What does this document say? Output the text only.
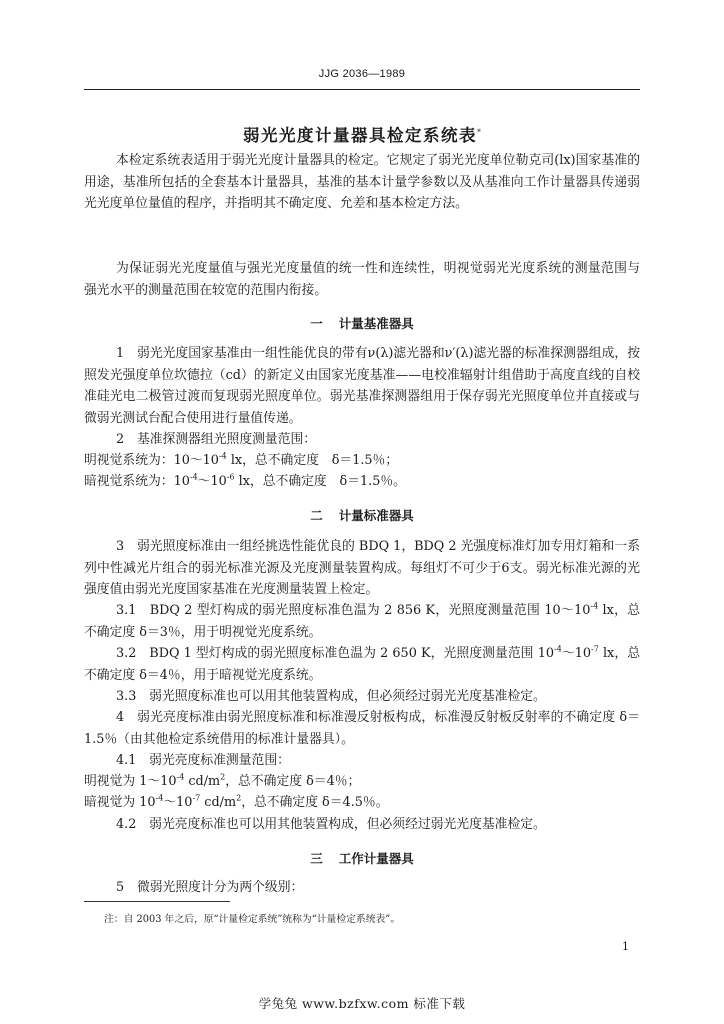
JJG 2036—1989
弱光光度计量器具检定系统表*

本检定系统表适用于弱光光度计量器具的检定。它规定了弱光光度单位勒克司(lx)国家基准的用途，基准所包括的全套基本计量器具，基准的基本计量学参数以及从基准向工作计量器具传递弱光光度单位量值的程序，并指明其不确定度、允差和基本检定方法。

为保证弱光光度量值与强光光度量值的统一性和连续性，明视觉弱光光度系统的测量范围与强光水平的测量范围在较宽的范围内衔接。

一 计量基准器具

1　弱光光度国家基准由一组性能优良的带有ν(λ)滤光器和ν′(λ)滤光器的标准探测器组成，按照发光强度单位坎德拉（cd）的新定义由国家光度基准——电校准辐射计组借助于高度直线的自校准硅光电二极管过渡而复现弱光照度单位。弱光基准探测器组用于保存弱光光照度单位并直接或与微弱光测试台配合使用进行量值传递。

2　基准探测器组光照度测量范围：

明视觉系统为：$10\sim 10^{-4}$ lx，总不确定度　δ＝1.5％；

暗视觉系统为：$10^{-4}\sim 10^{-6}$ lx，总不确定度　δ＝1.5％。

二 计量标准器具

3　弱光照度标准由一组经挑选性能优良的 BDQ 1，BDQ 2 光强度标准灯加专用灯箱和一系列中性减光片组合的弱光标准光源及光度测量装置构成。每组灯不可少于6支。弱光标准光源的光强度值由弱光光度国家基准在光度测量装置上检定。

3.1　BDQ 2 型灯构成的弱光照度标准色温为 2 856 K，光照度测量范围 $10\sim 10^{-4}$ lx，总不确定度 δ＝3％，用于明视觉光度系统。

3.2　BDQ 1 型灯构成的弱光照度标准色温为 2 650 K，光照度测量范围 $10^{-4}\sim 10^{-7}$ lx，总不确定度 δ＝4％，用于暗视觉光度系统。

3.3　弱光照度标准也可以用其他装置构成，但必须经过弱光光度基准检定。

4　弱光亮度标准由弱光照度标准和标准漫反射板构成，标准漫反射板反射率的不确定度 δ＝1.5％（由其他检定系统借用的标准计量器具）。

4.1　弱光亮度标准测量范围：

明视觉为 $1\sim 10^{-4}$ $cd/m^2$，总不确定度 δ＝4％；

暗视觉为 $10^{-4}\sim 10^{-7}$ $cd/m^2$，总不确定度 δ＝4.5％。

4.2　弱光亮度标准也可以用其他装置构成，但必须经过弱光光度基准检定。

三 工作计量器具

5　微弱光照度计分为两个级别：

注：自 2003 年之后，原“计量检定系统”统称为“计量检定系统表”。
1
学兔兔 www.bzfxw.com 标准下载
